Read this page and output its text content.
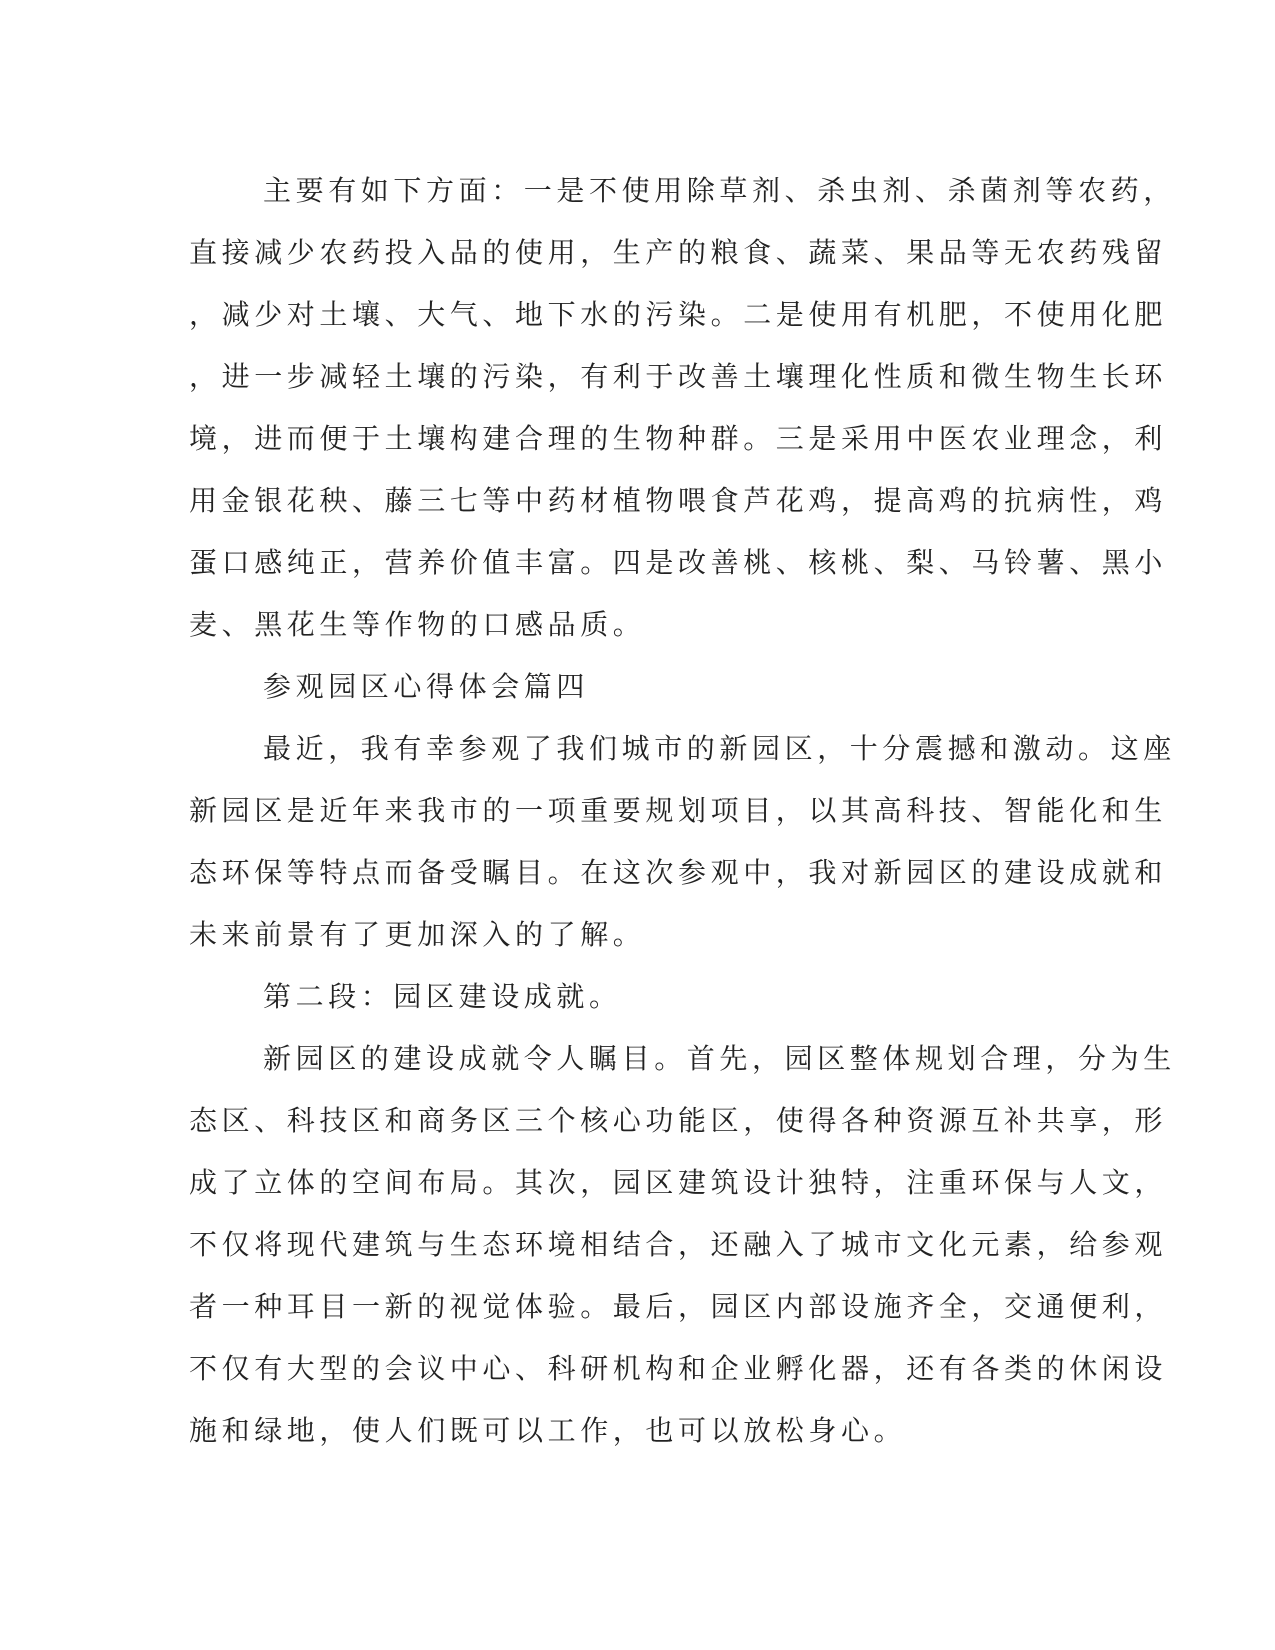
主要有如下方面：一是不使用除草剂、杀虫剂、杀菌剂等农药，
直接减少农药投入品的使用，生产的粮食、蔬菜、果品等无农药残留
，减少对土壤、大气、地下水的污染。二是使用有机肥，不使用化肥
，进一步减轻土壤的污染，有利于改善土壤理化性质和微生物生长环
境，进而便于土壤构建合理的生物种群。三是采用中医农业理念，利
用金银花秧、藤三七等中药材植物喂食芦花鸡，提高鸡的抗病性，鸡
蛋口感纯正，营养价值丰富。四是改善桃、核桃、梨、马铃薯、黑小
麦、黑花生等作物的口感品质。
参观园区心得体会篇四
最近，我有幸参观了我们城市的新园区，十分震撼和激动。这座
新园区是近年来我市的一项重要规划项目，以其高科技、智能化和生
态环保等特点而备受瞩目。在这次参观中，我对新园区的建设成就和
未来前景有了更加深入的了解。
第二段：园区建设成就。
新园区的建设成就令人瞩目。首先，园区整体规划合理，分为生
态区、科技区和商务区三个核心功能区，使得各种资源互补共享，形
成了立体的空间布局。其次，园区建筑设计独特，注重环保与人文，
不仅将现代建筑与生态环境相结合，还融入了城市文化元素，给参观
者一种耳目一新的视觉体验。最后，园区内部设施齐全，交通便利，
不仅有大型的会议中心、科研机构和企业孵化器，还有各类的休闲设
施和绿地，使人们既可以工作，也可以放松身心。
